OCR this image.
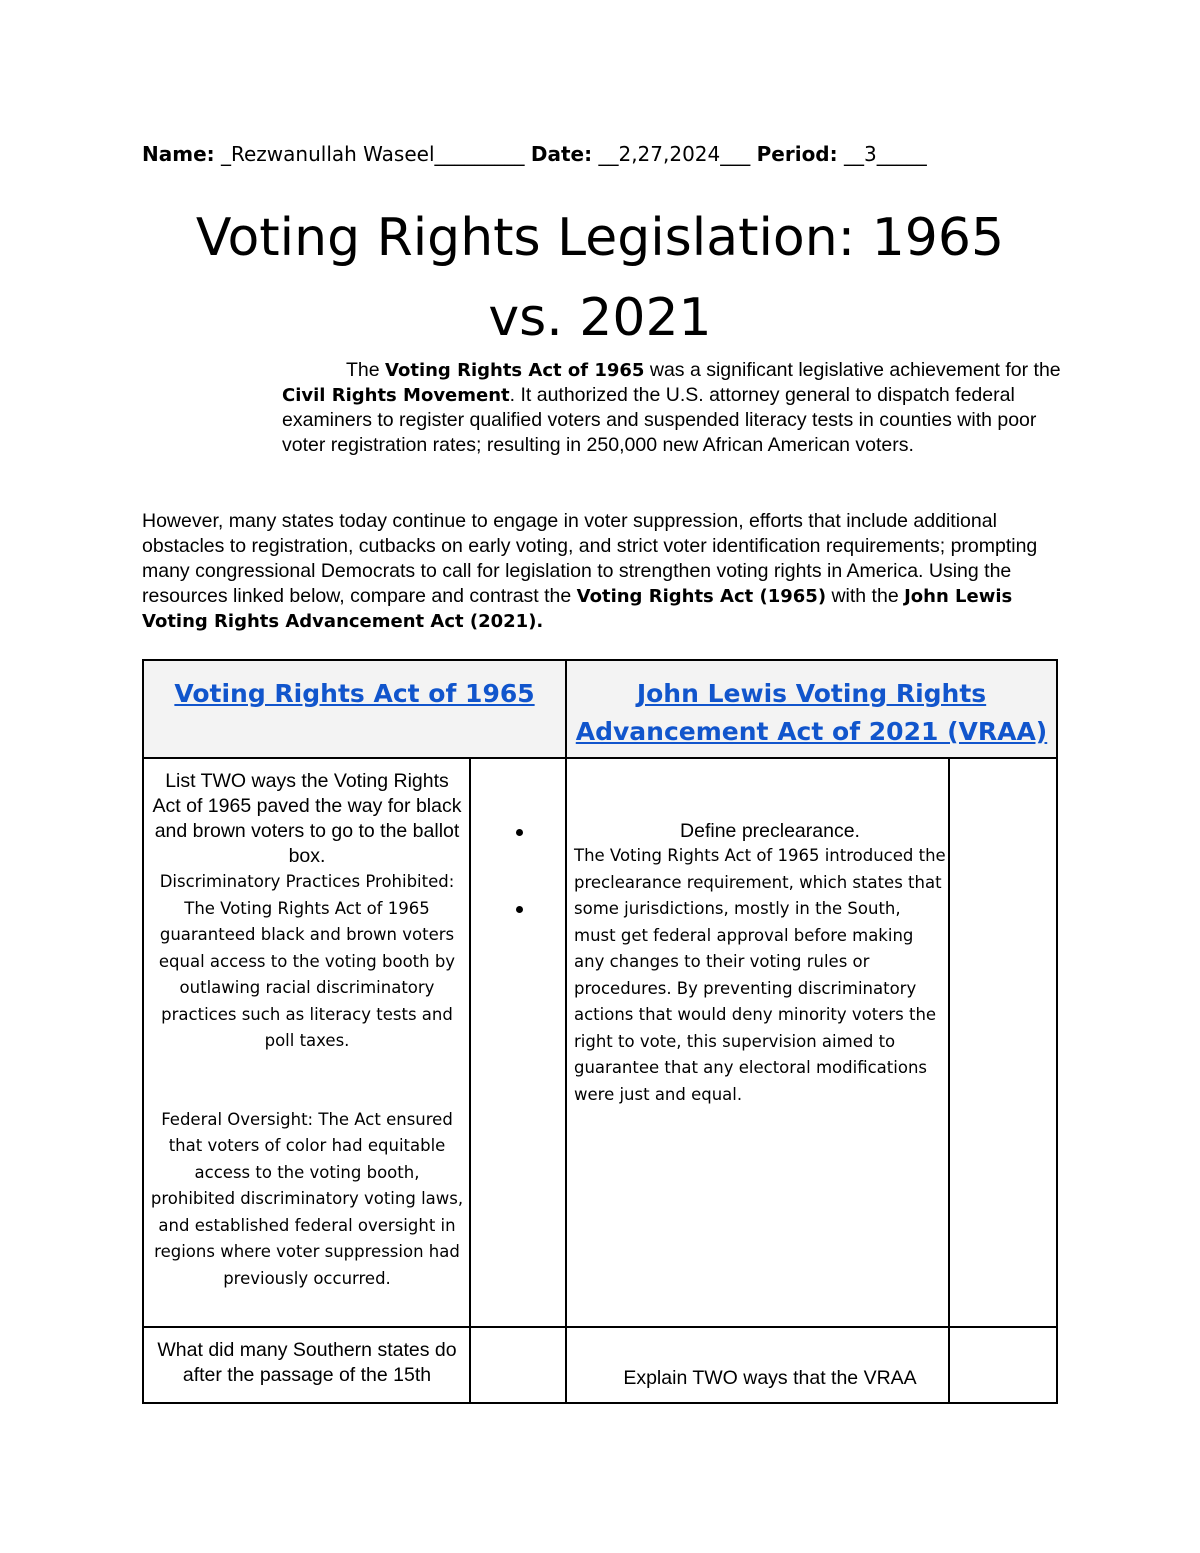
Name: _Rezwanullah Waseel_________ Date: __2,27,2024___ Period: __3_____
Voting Rights Legislation: 1965
vs. 2021
The Voting Rights Act of 1965 was a significant legislative achievement for the Civil Rights Movement. It authorized the U.S. attorney general to dispatch federal examiners to register qualified voters and suspended literacy tests in counties with poor voter registration rates; resulting in 250,000 new African American voters.
However, many states today continue to engage in voter suppression, efforts that include additional obstacles to registration, cutbacks on early voting, and strict voter identification requirements; prompting many congressional Democrats to call for legislation to strengthen voting rights in America. Using the resources linked below, compare and contrast the Voting Rights Act (1965) with the John Lewis Voting Rights Advancement Act (2021).
Voting Rights Act of 1965	John Lewis Voting Rights
Advancement Act of 2021 (VRAA)
List TWO ways the Voting Rights Act of 1965 paved the way for black and brown voters to go to the ballot box.
Discriminatory Practices Prohibited: The Voting Rights Act of 1965 guaranteed black and brown voters equal access to the voting booth by outlawing racial discriminatory practices such as literacy tests and poll taxes.
Federal Oversight: The Act ensured that voters of color had equitable access to the voting booth, prohibited discriminatory voting laws, and established federal oversight in regions where voter suppression had previously occurred.
Define preclearance.
The Voting Rights Act of 1965 introduced the preclearance requirement, which states that some jurisdictions, mostly in the South, must get federal approval before making any changes to their voting rules or procedures. By preventing discriminatory actions that would deny minority voters the right to vote, this supervision aimed to guarantee that any electoral modifications were just and equal.
What did many Southern states do after the passage of the 15th	Explain TWO ways that the VRAA
